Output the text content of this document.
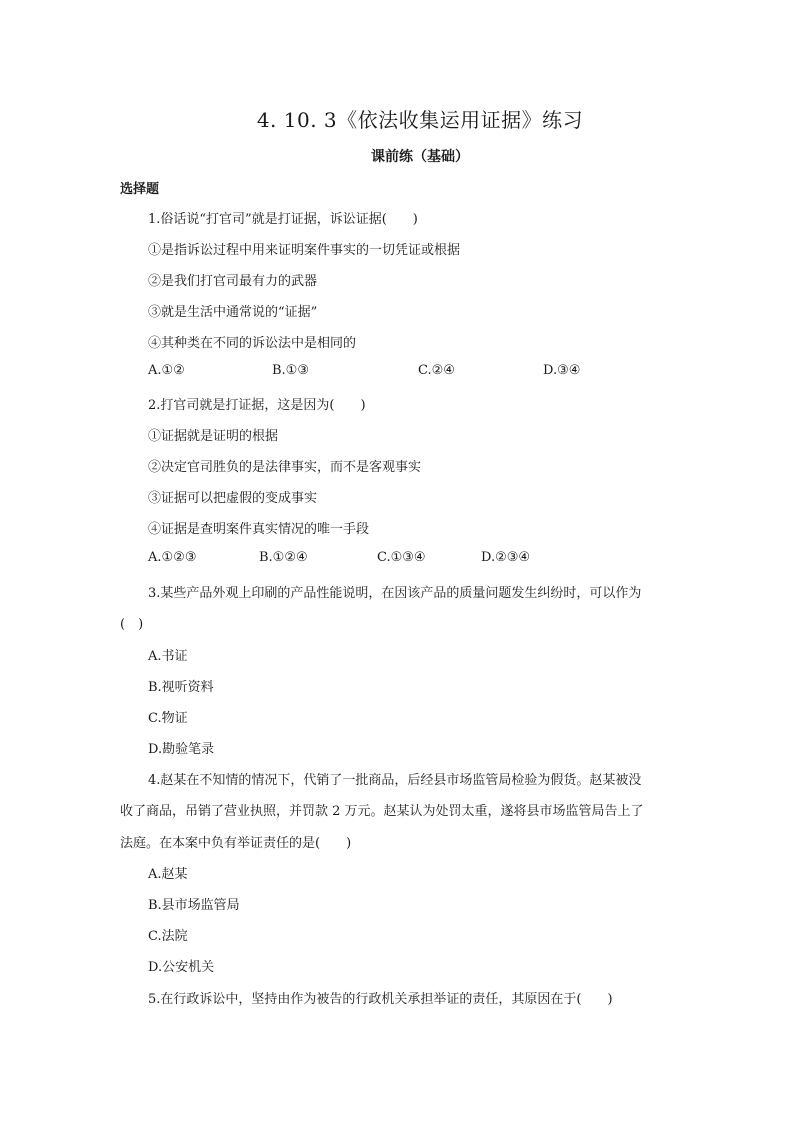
4. 10. 3《依法收集运用证据》练习
课前练（基础）
选择题
1.俗话说“打官司”就是打证据，诉讼证据(　　)
①是指诉讼过程中用来证明案件事实的一切凭证或根据
②是我们打官司最有力的武器
③就是生活中通常说的“证据”
④其种类在不同的诉讼法中是相同的
A.①②	B.①③	C.②④	D.③④
2.打官司就是打证据，这是因为(　　)
①证据就是证明的根据
②决定官司胜负的是法律事实，而不是客观事实
③证据可以把虚假的变成事实
④证据是查明案件真实情况的唯一手段
A.①②③	B.①②④	C.①③④	D.②③④
3.某些产品外观上印刷的产品性能说明，在因该产品的质量问题发生纠纷时，可以作为
(　)
A.书证
B.视听资料
C.物证
D.勘验笔录
4.赵某在不知情的情况下，代销了一批商品，后经县市场监管局检验为假货。赵某被没
收了商品，吊销了营业执照，并罚款 2 万元。赵某认为处罚太重，遂将县市场监管局告上了
法庭。在本案中负有举证责任的是(　　)
A.赵某
B.县市场监管局
C.法院
D.公安机关
5.在行政诉讼中，坚持由作为被告的行政机关承担举证的责任，其原因在于(　　)
